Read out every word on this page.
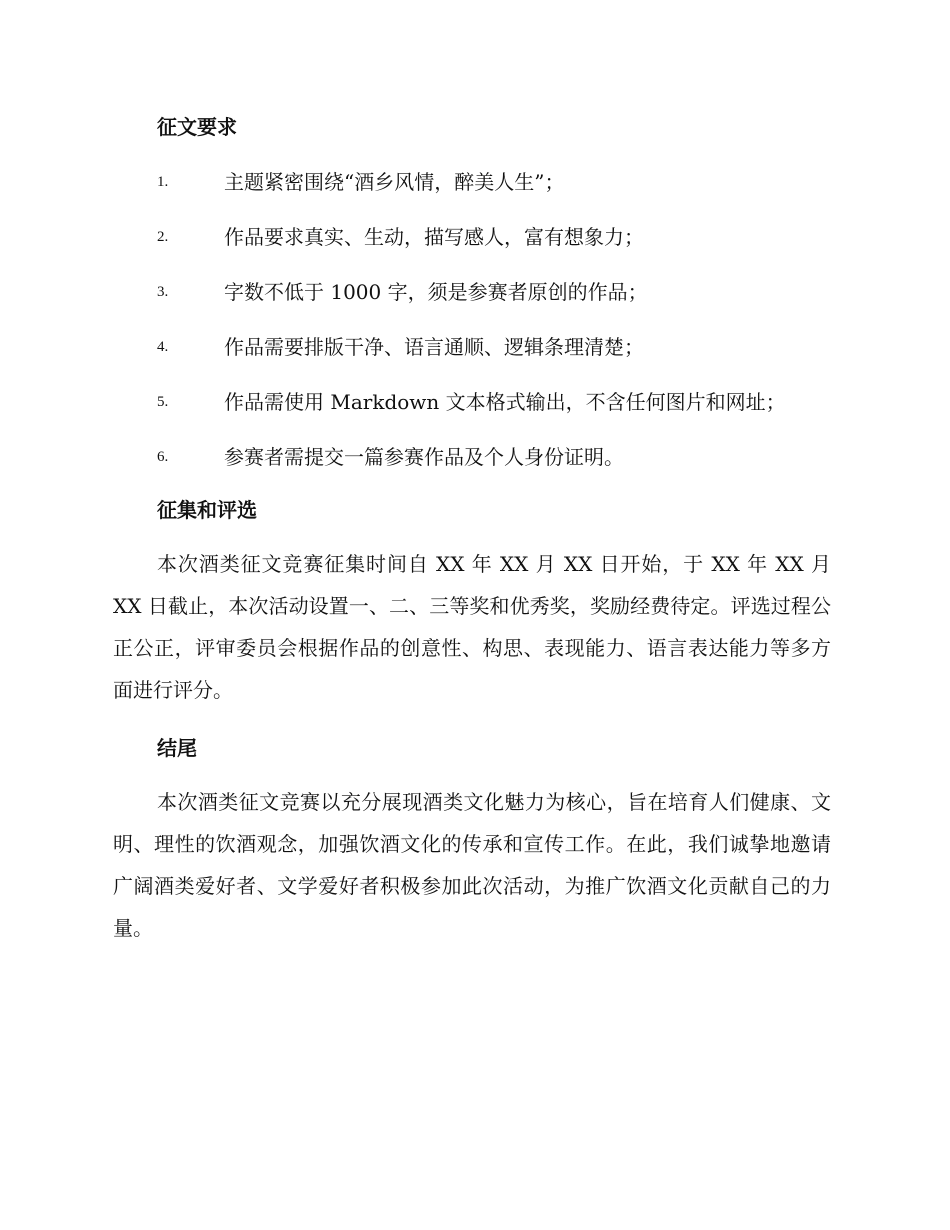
征文要求
1.	主题紧密围绕“酒乡风情，醉美人生”；
2.	作品要求真实、生动，描写感人，富有想象力；
3.	字数不低于 1000 字，须是参赛者原创的作品；
4.	作品需要排版干净、语言通顺、逻辑条理清楚；
5.	作品需使用 Markdown 文本格式输出，不含任何图片和网址；
6.	参赛者需提交一篇参赛作品及个人身份证明。
征集和评选

本次酒类征文竞赛征集时间自 XX 年 XX 月 XX 日开始，于 XX 年 XX 月 XX 日截止，本次活动设置一、二、三等奖和优秀奖，奖励经费待定。评选过程公正公正，评审委员会根据作品的创意性、构思、表现能力、语言表达能力等多方面进行评分。

结尾

本次酒类征文竞赛以充分展现酒类文化魅力为核心，旨在培育人们健康、文明、理性的饮酒观念，加强饮酒文化的传承和宣传工作。在此，我们诚挚地邀请广阔酒类爱好者、文学爱好者积极参加此次活动，为推广饮酒文化贡献自己的力量。
